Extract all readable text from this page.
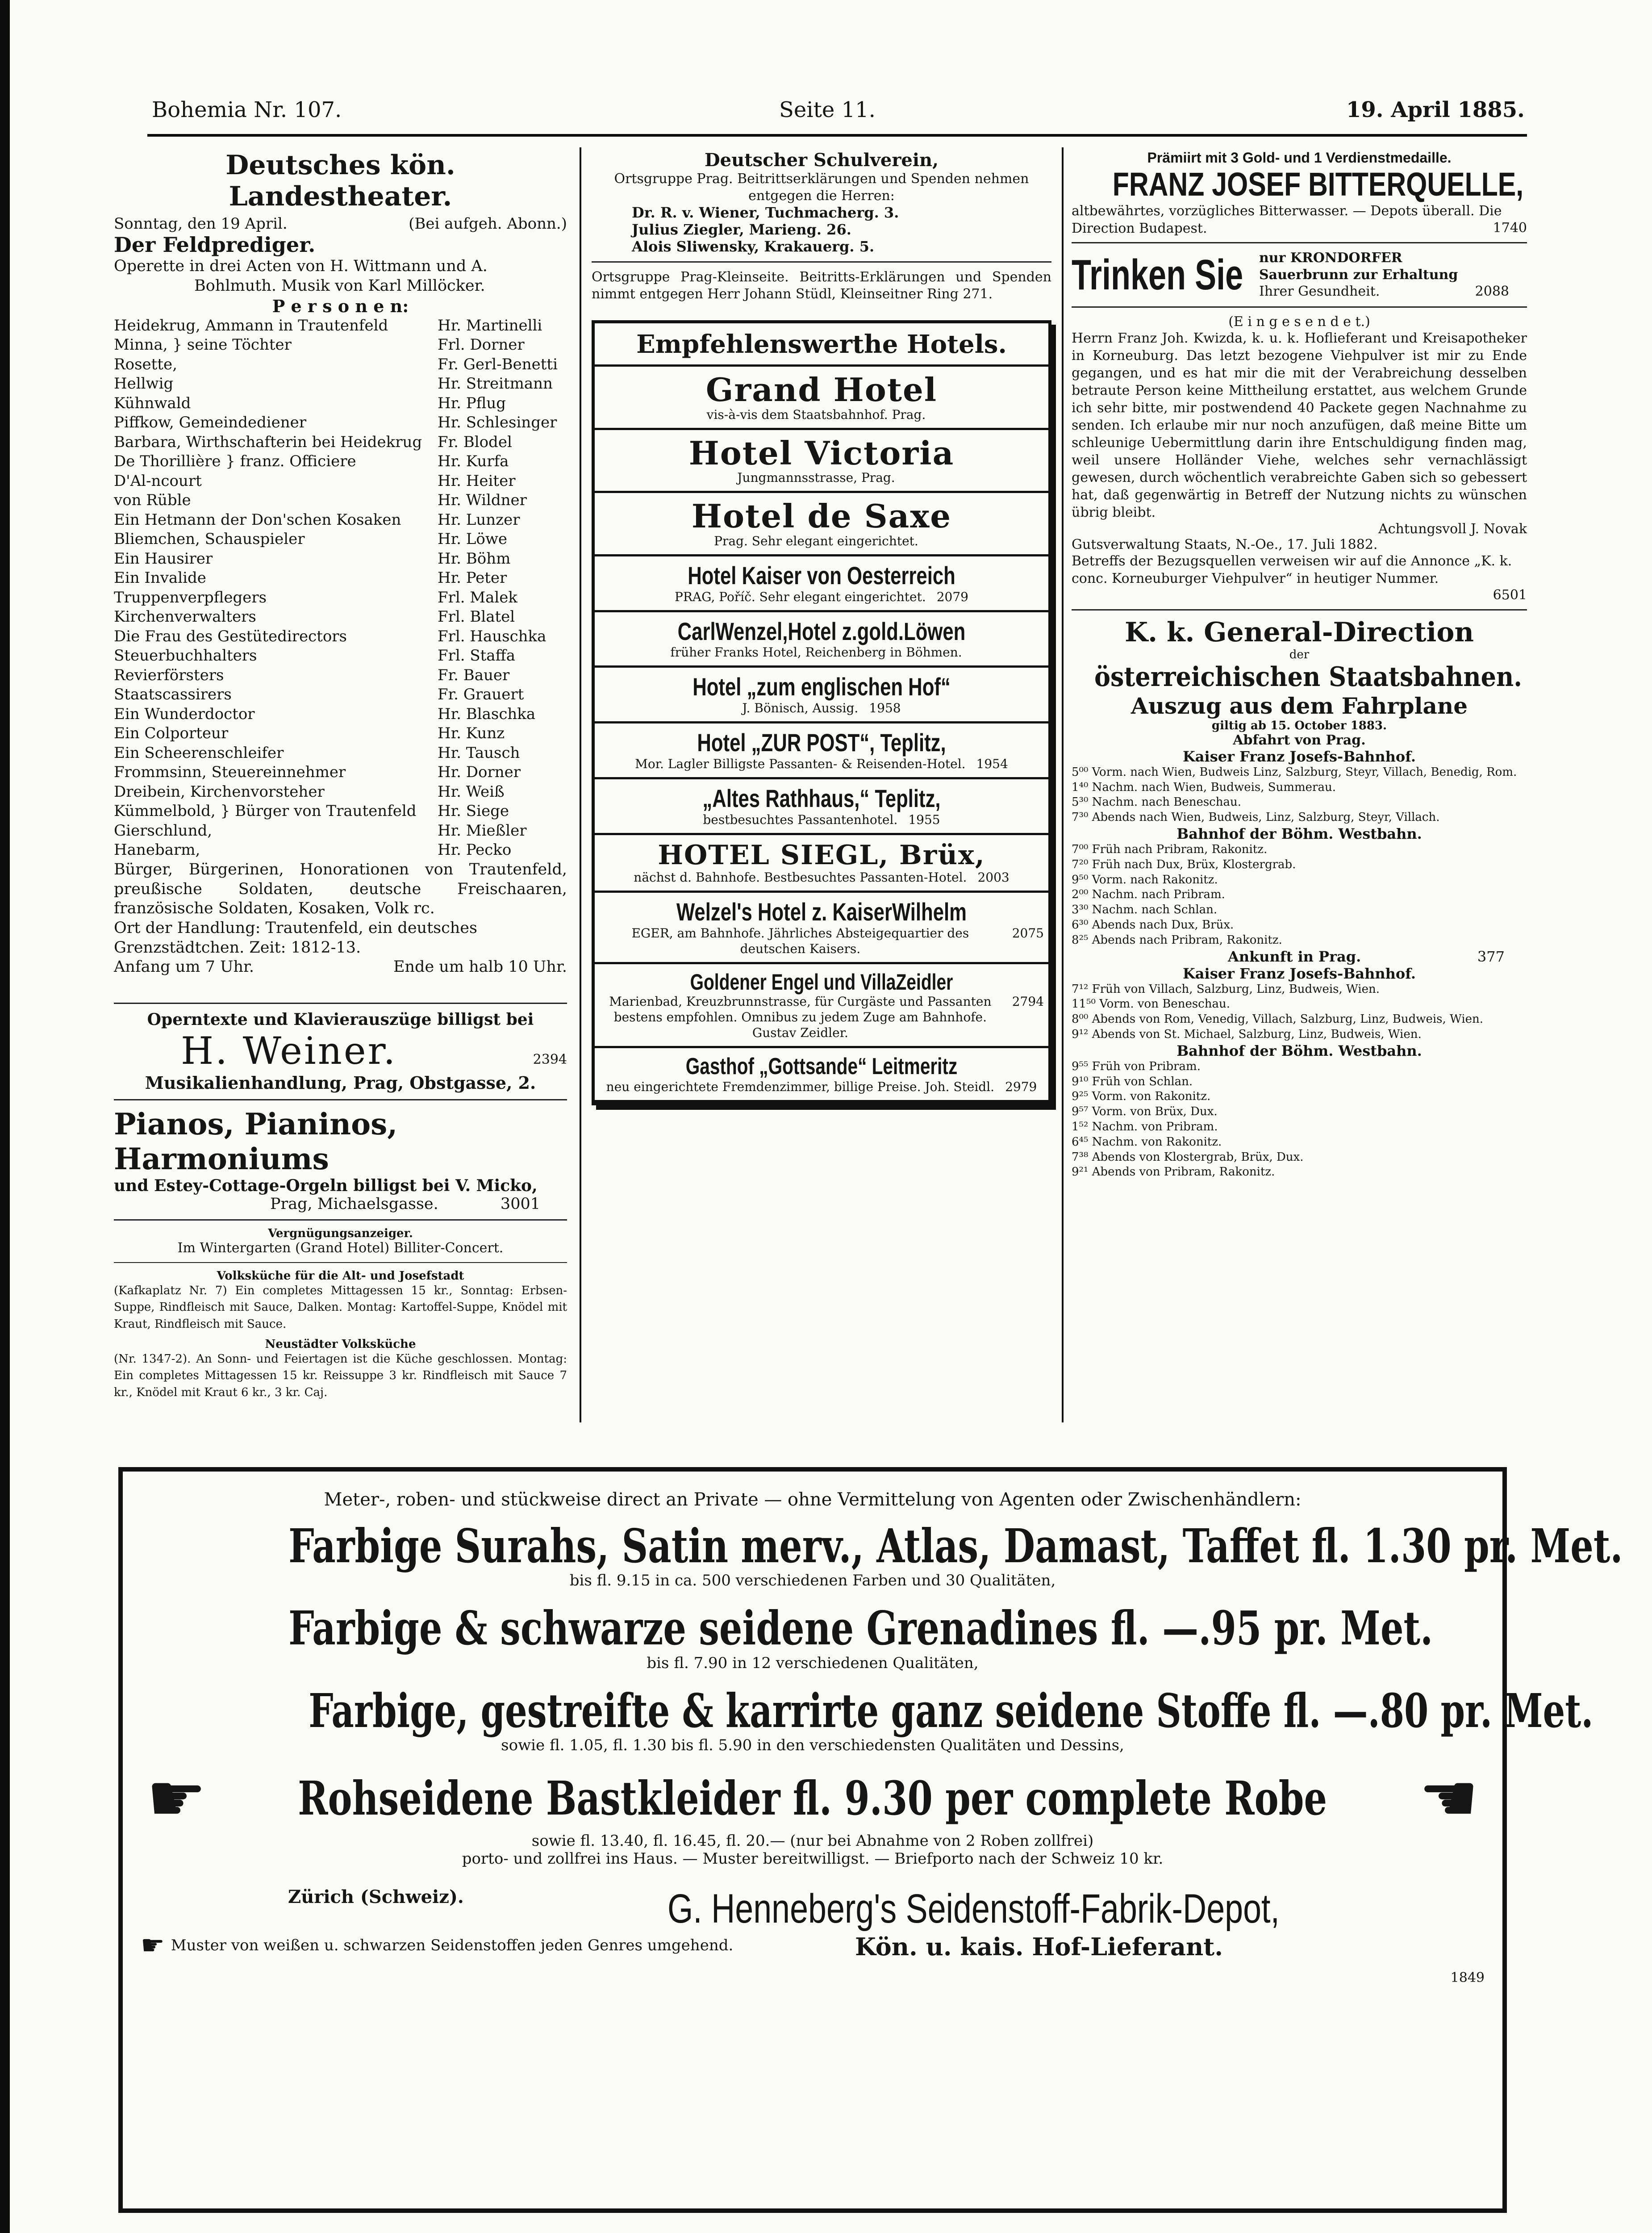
Bohemia Nr. 107.	Seite 11.	19. April 1885.
Deutsches kön. Landestheater.
Sonntag, den 19 April.	(Bei aufgeh. Abonn.)
Der Feldprediger.
Operette in drei Acten von H. Wittmann und A.
Bohlmuth. Musik von Karl Millöcker.
P e r s o n e n:
Heidekrug, Ammann in Trautenfeld	Hr. Martinelli
Minna, } seine Töchter	Frl. Dorner
Rosette,	Fr. Gerl-Benetti
Hellwig	Hr. Streitmann
Kühnwald	Hr. Pflug
Piffkow, Gemeindediener	Hr. Schlesinger
Barbara, Wirthschafterin bei Heidekrug Fr. Blodel
De Thorillière } franz. Officiere	Hr. Kurfa
D'Al-ncourt	Hr. Heiter
von Rüble	Hr. Wildner
Ein Hetmann der Don'schen Kosaken Hr. Lunzer
Bliemchen, Schauspieler	Hr. Löwe
Ein Hausirer	Hr. Böhm
Ein Invalide	Hr. Peter
Truppenverpflegers	Frl. Malek
Kirchenverwalters	Frl. Blatel
Die Frau des Gestütedirectors	Frl. Hauschka
Steuerbuchhalters	Frl. Staffa
Revierförsters	Fr. Bauer
Staatscassirers	Fr. Grauert
Ein Wunderdoctor	Hr. Blaschka
Ein Colporteur	Hr. Kunz
Ein Scheerenschleifer	Hr. Tausch
Frommsinn, Steuereinnehmer	Hr. Dorner
Dreibein, Kirchenvorsteher	Hr. Weiß
Kümmelbold, } Bürger von Trautenfeld Hr. Siege
Gierschlund,	Hr. Mießler
Hanebarm,	Hr. Pecko
Bürger, Bürgerinen, Honorationen von Trautenfeld, preußische Soldaten, deutsche Freischaaren, französische Soldaten, Kosaken, Volk rc.
Ort der Handlung: Trautenfeld, ein deutsches Grenzstädtchen. Zeit: 1812-13.
Anfang um 7 Uhr.	Ende um halb 10 Uhr.
Operntexte und Klavierauszüge billigst bei
H. Weiner.	2394
Musikalienhandlung, Prag, Obstgasse, 2.
Pianos, Pianinos, Harmoniums
und Estey-Cottage-Orgeln billigst bei V. Micko,
Prag, Michaelsgasse.	3001
Vergnügungsanzeiger.
Im Wintergarten (Grand Hotel) Billiter-Concert.
Volksküche für die Alt- und Josefstadt
(Kafkaplatz Nr. 7) Ein completes Mittagessen 15 kr., Sonntag: Erbsen-Suppe, Rindfleisch mit Sauce, Dalken. Montag: Kartoffel-Suppe, Knödel mit Kraut, Rindfleisch mit Sauce.
Neustädter Volksküche
(Nr. 1347-2). An Sonn- und Feiertagen ist die Küche geschlossen. Montag: Ein completes Mittagessen 15 kr. Reissuppe 3 kr. Rindfleisch mit Sauce 7 kr., Knödel mit Kraut 6 kr., 3 kr. Caj.
Deutscher Schulverein,
Ortsgruppe Prag. Beitrittserklärungen und Spenden nehmen entgegen die Herren:
Dr. R. v. Wiener, Tuchmacherg. 3.
Julius Ziegler, Marieng. 26.
Alois Sliwensky, Krakauerg. 5.
Ortsgruppe Prag-Kleinseite. Beitritts-Erklärungen und Spenden nimmt entgegen Herr Johann Stüdl, Kleinseitner Ring 271.
Empfehlenswerthe Hotels.
Grand Hotel
vis-à-vis dem Staatsbahnhof. Prag.
Hotel Victoria
Jungmannsstrasse, Prag.
Hotel de Saxe
Prag. Sehr elegant eingerichtet.
Hotel Kaiser von Oesterreich
PRAG, Poříč. Sehr elegant eingerichtet. 2079
CarlWenzel,Hotel z.gold.Löwen
früher Franks Hotel, Reichenberg in Böhmen.
Hotel „zum englischen Hof“
J. Bönisch, Aussig. 1958
Hotel „ZUR POST“, Teplitz,
Mor. Lagler Billigste Passanten- & Reisenden-Hotel. 1954
„Altes Rathhaus,“ Teplitz,
bestbesuchtes Passantenhotel. 1955
HOTEL SIEGL, Brüx,
nächst d. Bahnhofe. Bestbesuchtes Passanten-Hotel. 2003
Welzel's Hotel z. KaiserWilhelm
EGER, am Bahnhofe. Jährliches Absteigequartier des deutschen Kaisers.
2075
Goldener Engel und VillaZeidler
Marienbad, Kreuzbrunnstrasse, für Curgäste und Passanten bestens empfohlen. Omnibus zu jedem Zuge am Bahnhofe. Gustav Zeidler.
2794
Gasthof „Gottsande“ Leitmeritz
neu eingerichtete Fremdenzimmer, billige Preise. Joh. Steidl. 2979
Prämiirt mit 3 Gold- und 1 Verdienstmedaille.
FRANZ JOSEF BITTERQUELLE,
altbewährtes, vorzügliches Bitterwasser. — Depots überall. Die Direction Budapest.	1740
Trinken Sie nur KRONDORFER
Sauerbrunn zur Erhaltung
Ihrer Gesundheit.	2088
(E i n g e s e n d e t.)
Herrn Franz Joh. Kwizda, k. u. k. Hoflieferant und Kreisapotheker in Korneuburg. Das letzt bezogene Viehpulver ist mir zu Ende gegangen, und es hat mir die mit der Verabreichung desselben betraute Person keine Mittheilung erstattet, aus welchem Grunde ich sehr bitte, mir postwendend 40 Packete gegen Nachnahme zu senden. Ich erlaube mir nur noch anzufügen, daß meine Bitte um schleunige Uebermittlung darin ihre Entschuldigung finden mag, weil unsere Holländer Viehe, welches sehr vernachlässigt gewesen, durch wöchentlich verabreichte Gaben sich so gebessert hat, daß gegenwärtig in Betreff der Nutzung nichts zu wünschen übrig bleibt.
Achtungsvoll J. Novak
Gutsverwaltung Staats, N.-Oe., 17. Juli 1882.
Betreffs der Bezugsquellen verweisen wir auf die Annonce „K. k. conc. Korneuburger Viehpulver“ in heutiger Nummer.
6501
K. k. General-Direction
der
österreichischen Staatsbahnen.
Auszug aus dem Fahrplane
giltig ab 15. October 1883.
Abfahrt von Prag.
Kaiser Franz Josefs-Bahnhof.
5⁰⁰ Vorm. nach Wien, Budweis Linz, Salzburg, Steyr, Villach, Benedig, Rom.
1⁴⁰ Nachm. nach Wien, Budweis, Summerau.
5³⁰ Nachm. nach Beneschau.
7³⁰ Abends nach Wien, Budweis, Linz, Salzburg, Steyr, Villach.
Bahnhof der Böhm. Westbahn.
7⁰⁰ Früh nach Pribram, Rakonitz.
7²⁰ Früh nach Dux, Brüx, Klostergrab.
9⁵⁰ Vorm. nach Rakonitz.
2⁰⁰ Nachm. nach Pribram.
3³⁰ Nachm. nach Schlan.
6³⁰ Abends nach Dux, Brüx.
8²⁵ Abends nach Pribram, Rakonitz.
Ankunft in Prag.	377
Kaiser Franz Josefs-Bahnhof.
7¹² Früh von Villach, Salzburg, Linz, Budweis, Wien.
11⁵⁰ Vorm. von Beneschau.
8⁰⁰ Abends von Rom, Venedig, Villach, Salzburg, Linz, Budweis, Wien.
9¹² Abends von St. Michael, Salzburg, Linz, Budweis, Wien.
Bahnhof der Böhm. Westbahn.
9⁵⁵ Früh von Pribram.
9¹⁰ Früh von Schlan.
9²⁵ Vorm. von Rakonitz.
9⁵⁷ Vorm. von Brüx, Dux.
1⁵² Nachm. von Pribram.
6⁴⁵ Nachm. von Rakonitz.
7³⁸ Abends von Klostergrab, Brüx, Dux.
9²¹ Abends von Pribram, Rakonitz.
Meter-, roben- und stückweise direct an Private — ohne Vermittelung von Agenten oder Zwischenhändlern:
Farbige Surahs, Satin merv., Atlas, Damast, Taffet fl. 1.30 pr. Met.
bis fl. 9.15 in ca. 500 verschiedenen Farben und 30 Qualitäten,
Farbige & schwarze seidene Grenadines fl. —.95 pr. Met.
bis fl. 7.90 in 12 verschiedenen Qualitäten,
Farbige, gestreifte & karrirte ganz seidene Stoffe fl. —.80 pr. Met.
sowie fl. 1.05, fl. 1.30 bis fl. 5.90 in den verschiedensten Qualitäten und Dessins,
☛ Rohseidene Bastkleider fl. 9.30 per complete Robe ☚
sowie fl. 13.40, fl. 16.45, fl. 20.— (nur bei Abnahme von 2 Roben zollfrei)
porto- und zollfrei ins Haus. — Muster bereitwilligst. — Briefporto nach der Schweiz 10 kr.
Zürich (Schweiz).
☛ Muster von weißen u. schwarzen Seidenstoffen jeden Genres umgehend.
G. Henneberg's Seidenstoff-Fabrik-Depot,
Kön. u. kais. Hof-Lieferant.
1849
